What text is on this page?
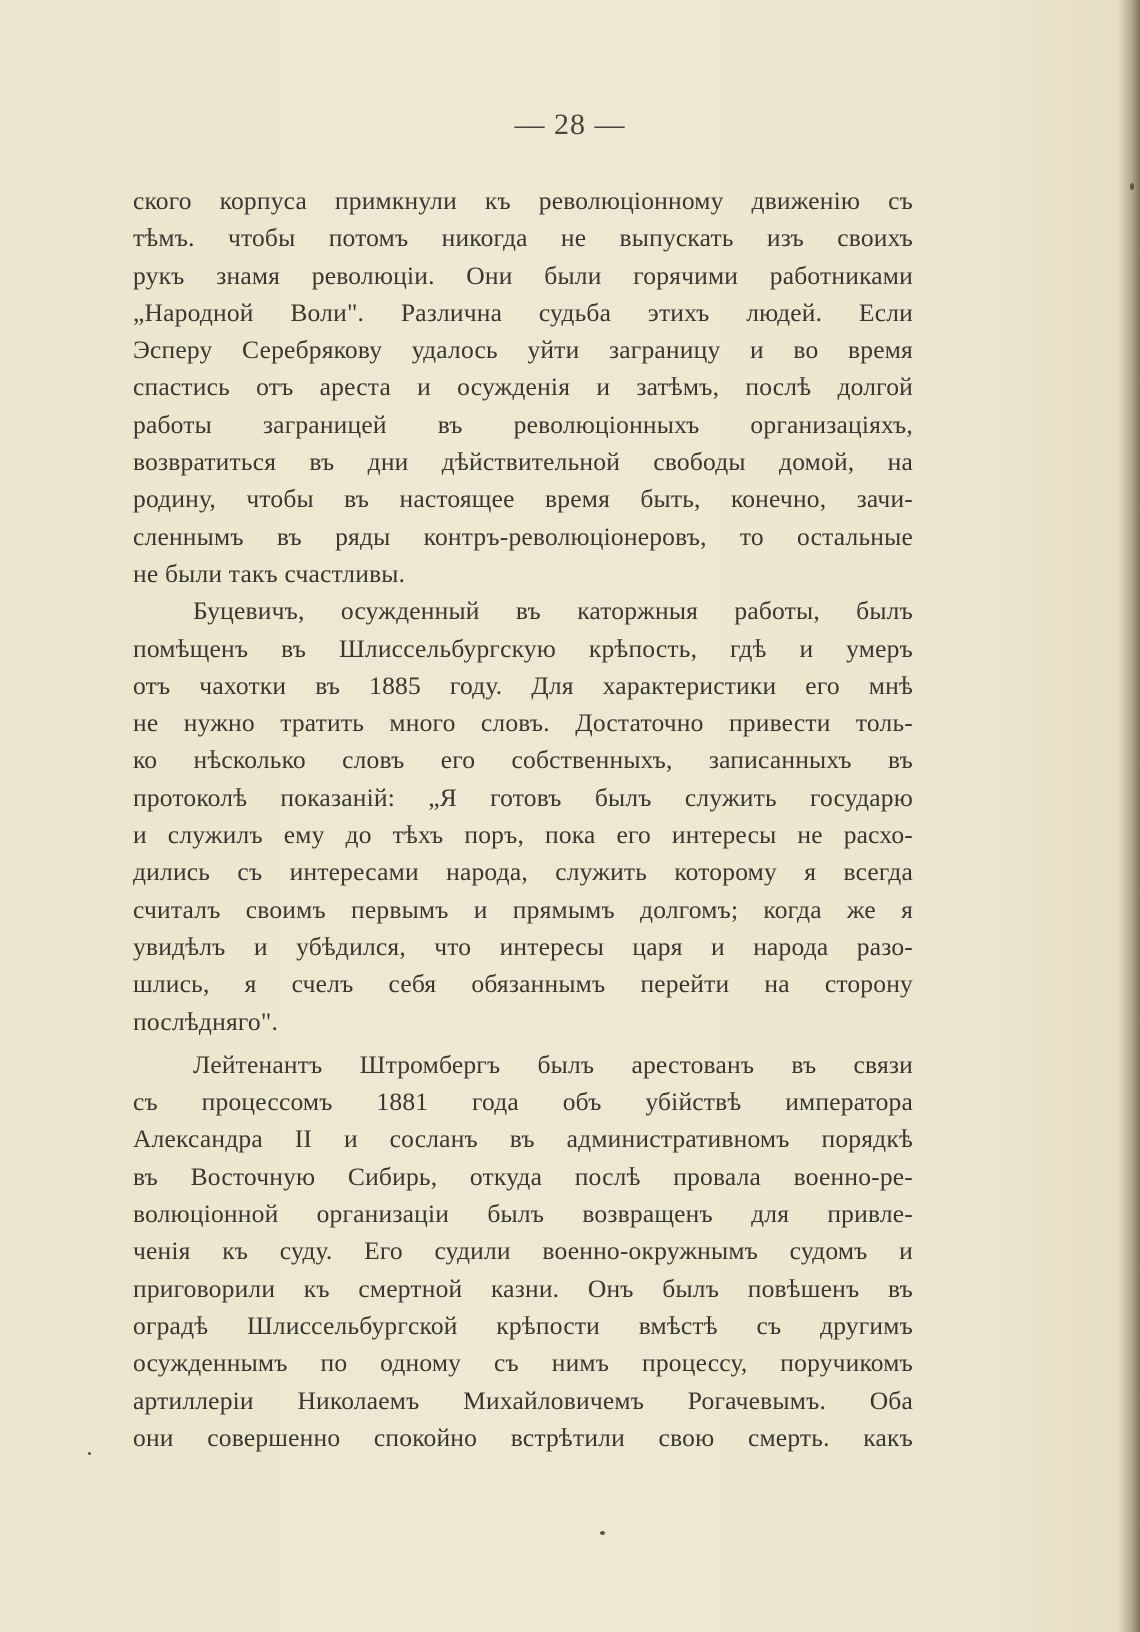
— 28 —
ского корпуса примкнули къ революціонному движенію съ
тѣмъ. чтобы потомъ никогда не выпускать изъ своихъ
рукъ знамя революціи. Они были горячими работниками
„Народной Воли". Различна судьба этихъ людей. Если
Эсперу Серебрякову удалось уйти заграницу и во время
спастись отъ ареста и осужденія и затѣмъ, послѣ долгой
работы заграницей въ революціонныхъ организаціяхъ,
возвратиться въ дни дѣйствительной свободы домой, на
родину, чтобы въ настоящее время быть, конечно, зачи-
сленнымъ въ ряды контръ-революціонеровъ, то остальные
не были такъ счастливы.
Буцевичъ, осужденный въ каторжныя работы, былъ
помѣщенъ въ Шлиссельбургскую крѣпость, гдѣ и умеръ
отъ чахотки въ 1885 году. Для характеристики его мнѣ
не нужно тратить много словъ. Достаточно привести толь-
ко нѣсколько словъ его собственныхъ, записанныхъ въ
протоколѣ показаній: „Я готовъ былъ служить государю
и служилъ ему до тѣхъ поръ, пока его интересы не расхо-
дились съ интересами народа, служить которому я всегда
считалъ своимъ первымъ и прямымъ долгомъ; когда же я
увидѣлъ и убѣдился, что интересы царя и народа разо-
шлись, я счелъ себя обязаннымъ перейти на сторону
послѣдняго".
Лейтенантъ Штромбергъ былъ арестованъ въ связи
съ процессомъ 1881 года объ убійствѣ императора
Александра II и сосланъ въ административномъ порядкѣ
въ Восточную Сибирь, откуда послѣ провала военно-ре-
волюціонной организаціи былъ возвращенъ для привле-
ченія къ суду. Его судили военно-окружнымъ судомъ и
приговорили къ смертной казни. Онъ былъ повѣшенъ въ
оградѣ Шлиссельбургской крѣпости вмѣстѣ съ другимъ
осужденнымъ по одному съ нимъ процессу, поручикомъ
артиллеріи Николаемъ Михайловичемъ Рогачевымъ. Оба
они совершенно спокойно встрѣтили свою смерть. какъ
